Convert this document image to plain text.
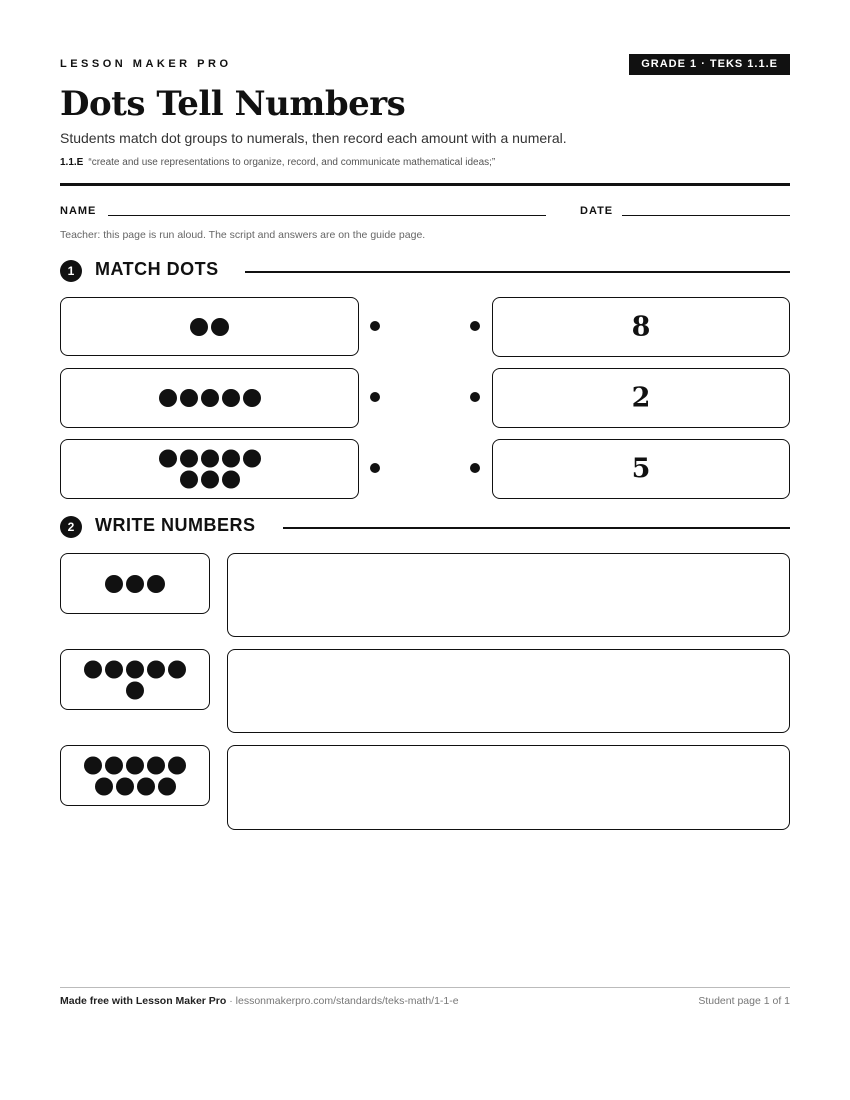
LESSON MAKER PRO	GRADE 1 · TEKS 1.1.E
Dots Tell Numbers
Students match dot groups to numerals, then record each amount with a numeral.
1.1.E “create and use representations to organize, record, and communicate mathematical ideas;”
NAME	DATE
Teacher: this page is run aloud. The script and answers are on the guide page.
1	MATCH DOTS
8
2
5
2	WRITE NUMBERS
Made free with Lesson Maker Pro · lessonmakerpro.com/standards/teks-math/1-1-e	Student page 1 of 1
